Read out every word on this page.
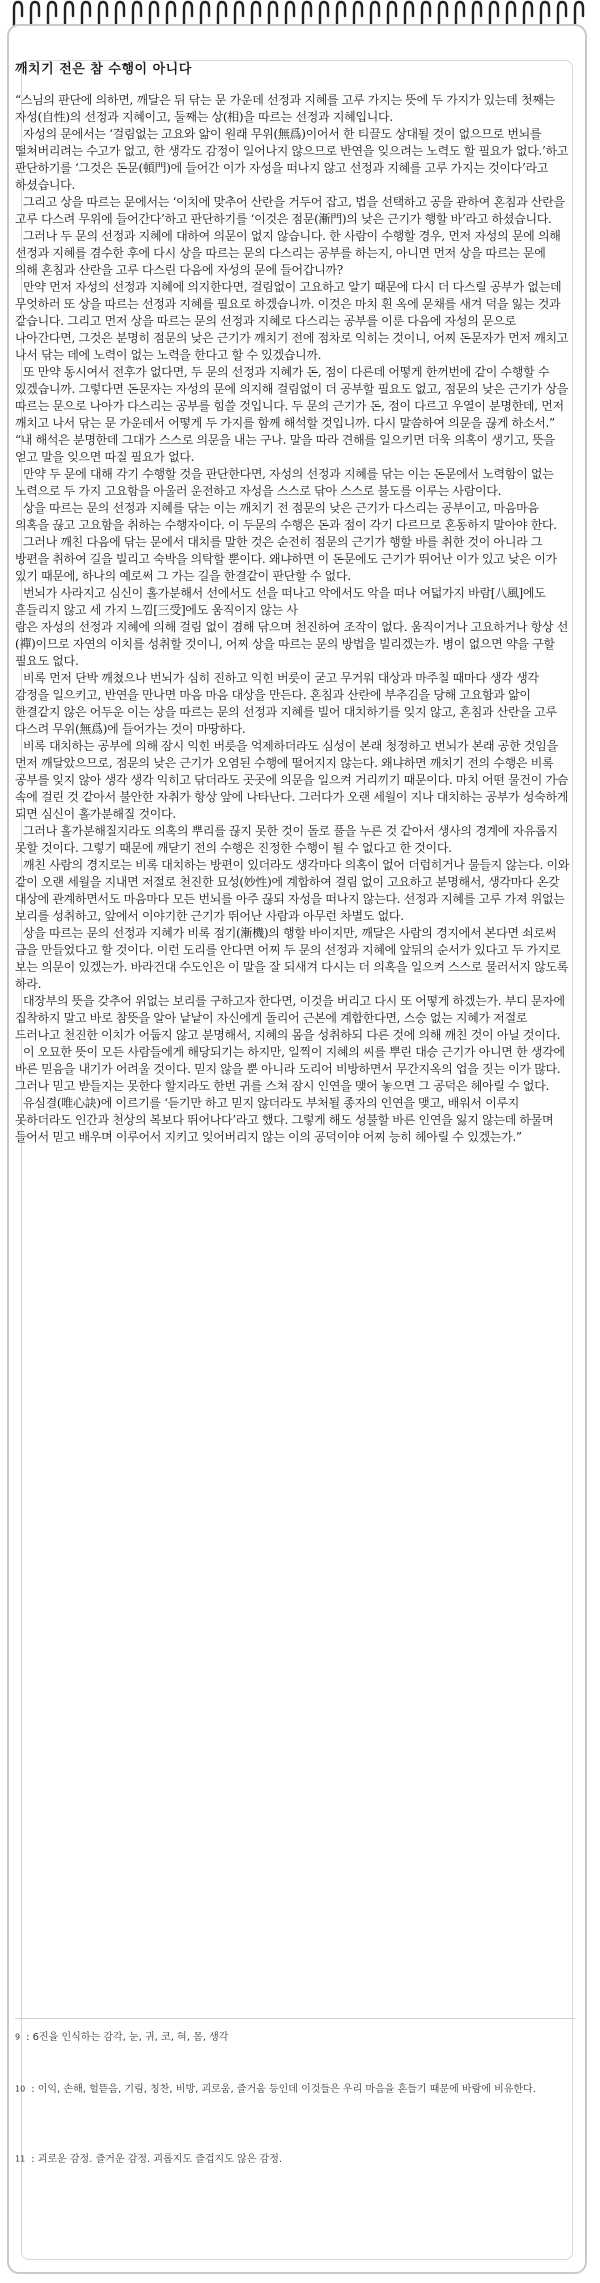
깨치기 전은 참 수행이 아니다

“스님의 판단에 의하면, 깨달은 뒤 닦는 문 가운데 선정과 지혜를 고루 가지는 뜻에 두 가지가 있는데 첫째는 자성(自性)의 선정과 지혜이고, 둘째는 상(相)을 따르는 선정과 지혜입니다.

자성의 문에서는 ‘걸림없는 고요와 앎이 원래 무위(無爲)이어서 한 티끌도 상대될 것이 없으므로 번뇌를 떨쳐버리려는 수고가 없고, 한 생각도 감정이 일어나지 않으므로 반연을 잊으려는 노력도 할 필요가 없다.’하고 판단하기를 ‘그것은 돈문(頓門)에 들어간 이가 자성을 떠나지 않고 선정과 지혜를 고루 가지는 것이다’라고 하셨습니다.

그리고 상을 따르는 문에서는 ‘이치에 맞추어 산란을 거두어 잡고, 법을 선택하고 공을 관하여 혼침과 산란을 고루 다스려 무위에 들어간다’하고 판단하기를 ‘이것은 점문(漸門)의 낮은 근기가 행할 바’라고 하셨습니다.

그러나 두 문의 선정과 지혜에 대하여 의문이 없지 않습니다. 한 사람이 수행할 경우, 먼저 자성의 문에 의해 선정과 지혜를 겸수한 후에 다시 상을 따르는 문의 다스리는 공부를 하는지, 아니면 먼저 상을 따르는 문에 의해 혼침과 산란을 고루 다스린 다음에 자성의 문에 들어갑니까?

만약 먼저 자성의 선정과 지혜에 의지한다면, 걸림없이 고요하고 알기 때문에 다시 더 다스릴 공부가 없는데 무엇하러 또 상을 따르는 선정과 지혜를 필요로 하겠습니까. 이것은 마치 흰 옥에 문채를 새겨 덕을 잃는 것과 같습니다. 그리고 먼저 상을 따르는 문의 선정과 지혜로 다스리는 공부를 이룬 다음에 자성의 문으로 나아간다면, 그것은 분명히 점문의 낮은 근기가 깨치기 전에 점차로 익히는 것이니, 어찌 돈문자가 먼저 깨치고 나서 닦는 데에 노력이 없는 노력을 한다고 할 수 있겠습니까.

또 만약 동시여서 전후가 없다면, 두 문의 선정과 지혜가 돈, 점이 다른데 어떻게 한꺼번에 같이 수행할 수 있겠습니까. 그렇다면 돈문자는 자성의 문에 의지해 걸림없이 더 공부할 필요도 없고, 점문의 낮은 근기가 상을 따르는 문으로 나아가 다스리는 공부를 힘쓸 것입니다. 두 문의 근기가 돈, 점이 다르고 우열이 분명한데, 먼저 깨치고 나서 닦는 문 가운데서 어떻게 두 가지를 함께 해석할 것입니까. 다시 말씀하여 의문을 끊게 하소서.”

“내 해석은 분명한데 그대가 스스로 의문을 내는 구나. 말을 따라 견해를 일으키면 더욱 의혹이 생기고, 뜻을 얻고 말을 잊으면 따질 필요가 없다.

만약 두 문에 대해 각기 수행할 것을 판단한다면, 자성의 선정과 지혜를 닦는 이는 돈문에서 노력함이 없는 노력으로 두 가지 고요함을 아울러 운전하고 자성을 스스로 닦아 스스로 불도를 이루는 사람이다.

상을 따르는 문의 선정과 지혜를 닦는 이는 깨치기 전 점문의 낮은 근기가 다스리는 공부이고, 마음마음 의혹을 끊고 고요함을 취하는 수행자이다. 이 두문의 수행은 돈과 점이 각기 다르므로 혼동하지 말아야 한다.

그러나 깨친 다음에 닦는 문에서 대치를 말한 것은 순전히 점문의 근기가 행할 바를 취한 것이 아니라 그 방편을 취하여 길을 빌리고 숙박을 의탁할 뿐이다. 왜냐하면 이 돈문에도 근기가 뛰어난 이가 있고 낮은 이가 있기 때문에, 하나의 예로써 그 가는 길을 한결같이 판단할 수 없다.

번뇌가 사라지고 심신이 홀가분해서 선에서도 선을 떠나고 악에서도 악을 떠나 여덟가지 바람[八風]에도 흔들리지 않고 세 가지 느낌[三受]에도 움직이지 않는 사

람은 자성의 선정과 지혜에 의해 걸림 없이 겸해 닦으며 천진하여 조작이 없다. 움직이거나 고요하거나 항상 선(禪)이므로 자연의 이치를 성취할 것이니, 어찌 상을 따르는 문의 방법을 빌리겠는가. 병이 없으면 약을 구할 필요도 없다.

비록 먼저 단박 깨쳤으나 번뇌가 심히 진하고 익힌 버릇이 굳고 무거워 대상과 마주칠 때마다 생각 생각 감정을 일으키고, 반연을 만나면 마음 마음 대상을 만든다. 혼침과 산란에 부추김을 당해 고요함과 앎이 한결같지 않은 어두운 이는 상을 따르는 문의 선정과 지혜를 빌어 대치하기를 잊지 않고, 혼침과 산란을 고루 다스려 무위(無爲)에 들어가는 것이 마땅하다.

비록 대치하는 공부에 의해 잠시 익힌 버릇을 억제하더라도 심성이 본래 청정하고 번뇌가 본래 공한 것임을 먼저 깨달았으므로, 점문의 낮은 근기가 오염된 수행에 떨어지지 않는다. 왜냐하면 깨치기 전의 수행은 비록 공부를 잊지 않아 생각 생각 익히고 닦더라도 곳곳에 의문을 일으켜 거리끼기 때문이다. 마치 어떤 물건이 가슴 속에 걸린 것 같아서 불안한 자취가 항상 앞에 나타난다. 그러다가 오랜 세월이 지나 대치하는 공부가 성숙하게 되면 심신이 홀가분해질 것이다.

그러나 홀가분해질지라도 의혹의 뿌리를 끊지 못한 것이 돌로 풀을 누른 것 같아서 생사의 경계에 자유롭지 못할 것이다. 그렇기 때문에 깨닫기 전의 수행은 진정한 수행이 될 수 없다고 한 것이다.

깨친 사람의 경지로는 비록 대치하는 방편이 있더라도 생각마다 의혹이 없어 더럽히거나 물들지 않는다. 이와 같이 오랜 세월을 지내면 저절로 천진한 묘성(妙性)에 계합하여 걸림 없이 고요하고 분명해서, 생각마다 온갖 대상에 관계하면서도 마음마다 모든 번뇌를 아주 끊되 자성을 떠나지 않는다. 선정과 지혜를 고루 가져 위없는 보리를 성취하고, 앞에서 이야기한 근기가 뛰어난 사람과 아무런 차별도 없다.

상을 따르는 문의 선정과 지혜가 비록 점기(漸機)의 행할 바이지만, 깨달은 사람의 경지에서 본다면 쇠로써 금을 만들었다고 할 것이다. 이런 도리를 안다면 어찌 두 문의 선정과 지혜에 앞뒤의 순서가 있다고 두 가지로 보는 의문이 있겠는가. 바라건대 수도인은 이 말을 잘 되새겨 다시는 더 의혹을 일으켜 스스로 물러서지 않도록 하라.

대장부의 뜻을 갖추어 위없는 보리를 구하고자 한다면, 이것을 버리고 다시 또 어떻게 하겠는가. 부디 문자에 집착하지 말고 바로 참뜻을 알아 낱낱이 자신에게 돌리어 근본에 계합한다면, 스승 없는 지혜가 저절로 드러나고 천진한 이치가 어둡지 않고 분명해서, 지혜의 몸을 성취하되 다른 것에 의해 깨친 것이 아닐 것이다.

이 오묘한 뜻이 모든 사람들에게 해당되기는 하지만, 일찍이 지혜의 씨를 뿌린 대승 근기가 아니면 한 생각에 바른 믿음을 내기가 어려울 것이다. 믿지 않을 뿐 아니라 도리어 비방하면서 무간지옥의 업을 짓는 이가 많다. 그러나 믿고 받들지는 못한다 할지라도 한번 귀를 스쳐 잠시 인연을 맺어 놓으면 그 공덕은 헤아릴 수 없다.

유심결(唯心訣)에 이르기를 ‘듣기만 하고 믿지 않더라도 부처될 종자의 인연을 맺고, 배워서 이루지 못하더라도 인간과 천상의 복보다 뛰어나다’라고 했다. 그렇게 해도 성불할 바른 인연을 잃지 않는데 하물며 들어서 믿고 배우며 이루어서 지키고 잊어버리지 않는 이의 공덕이야 어찌 능히 헤아릴 수 있겠는가.”

$^9$ : 6진을 인식하는 감각, 눈, 귀, 코, 혀, 몸, 생각
$^{10}$ : 이익, 손해, 헐뜯음, 기림, 칭찬, 비방, 괴로움, 즐거움 등인데 이것들은 우리 마음을 흔들기 때문에 바람에 비유한다.
$^{11}$ : 괴로운 감정. 즐거운 감정. 괴롭지도 즐겁지도 않은 감정.
